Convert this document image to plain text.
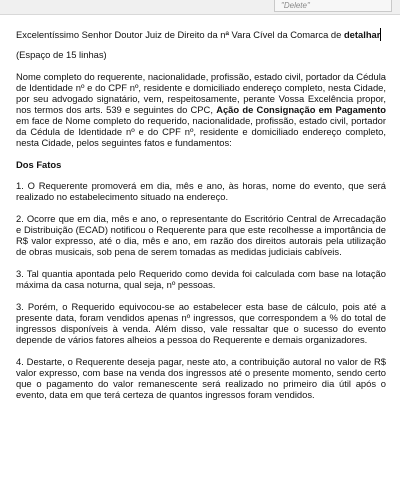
"Delete"

Excelentíssimo Senhor Doutor Juiz de Direito da nª Vara Cível da Comarca de detalhar

(Espaço de 15 linhas)

Nome completo do requerente, nacionalidade, profissão, estado civil, portador da Cédula de Identidade nº e do CPF nº, residente e domiciliado endereço completo, nesta Cidade, por seu advogado signatário, vem, respeitosamente, perante Vossa Excelência propor, nos termos dos arts. 539 e seguintes do CPC, Ação de Consignação em Pagamento em face de Nome completo do requerido, nacionalidade, profissão, estado civil, portador da Cédula de Identidade nº e do CPF nº, residente e domiciliado endereço completo, nesta Cidade, pelos seguintes fatos e fundamentos:

Dos Fatos

1. O Requerente promoverá em dia, mês e ano, às horas, nome do evento, que será realizado no estabelecimento situado na endereço.

2. Ocorre que em dia, mês e ano, o representante do Escritório Central de Arrecadação e Distribuição (ECAD) notificou o Requerente para que este recolhesse a importância de R$ valor expresso, até o dia, mês e ano, em razão dos direitos autorais pela utilização de obras musicais, sob pena de serem tomadas as medidas judiciais cabíveis.

3. Tal quantia apontada pelo Requerido como devida foi calculada com base na lotação máxima da casa noturna, qual seja, nº pessoas.

3. Porém, o Requerido equivocou-se ao estabelecer esta base de cálculo, pois até a presente data, foram vendidos apenas nº ingressos, que correspondem a % do total de ingressos disponíveis à venda. Além disso, vale ressaltar que o sucesso do evento depende de vários fatores alheios a pessoa do Requerente e demais organizadores.

4. Destarte, o Requerente deseja pagar, neste ato, a contribuição autoral no valor de R$ valor expresso, com base na venda dos ingressos até o presente momento, sendo certo que o pagamento do valor remanescente será realizado no primeiro dia útil após o evento, data em que terá certeza de quantos ingressos foram vendidos.
